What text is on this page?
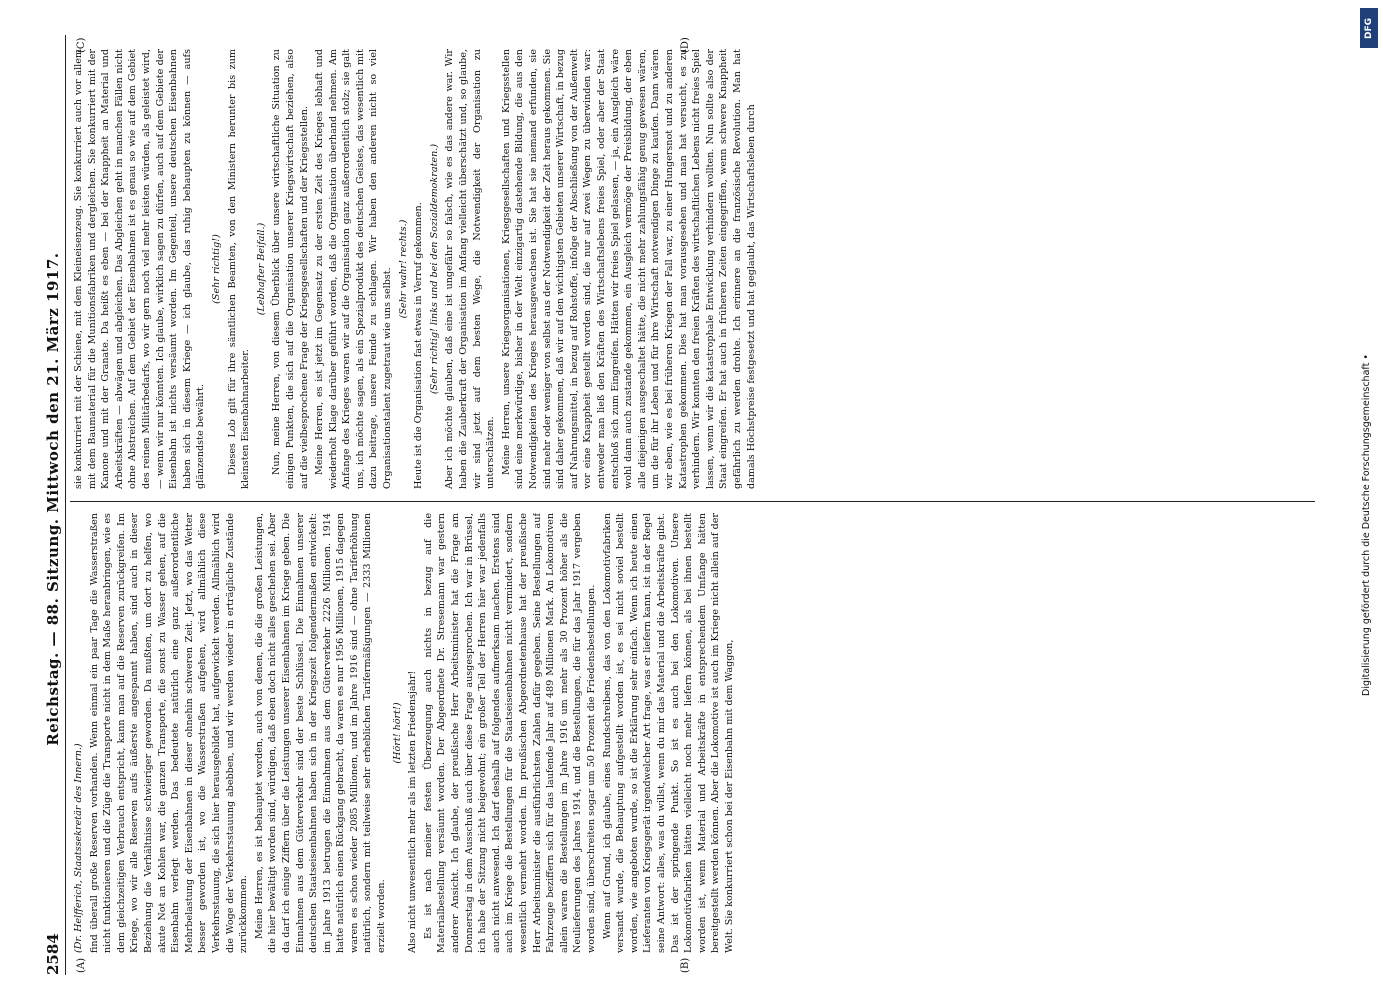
2584
Reichstag. — 88. Sitzung. Mittwoch den 21. März 1917.
(A)	(B)
(C)	(D)

(Dr. Helfferich, Staatssekretär des Innern.) find überall große Reserven vorhanden. Wenn einmal ein paar Tage die Wasserstraßen nicht funktionieren und die Züge die Transporte nicht in dem Maße heranbringen, wie es dem gleichzeitigen Verbrauch entspricht, kann man auf die Reserven zurückgreifen. Im Kriege, wo wir alle Reserven aufs äußerste angespannt haben, sind auch in dieser Beziehung die Verhältnisse schwieriger geworden. Da mußten, um dort zu helfen, wo akute Not an Kohlen war, die ganzen Transporte, die sonst zu Wasser gehen, auf die Eisenbahn verlegt werden. Das bedeutete natürlich eine ganz außerordentliche Mehrbelastung der Eisenbahnen in dieser ohnehin schweren Zeit. Jetzt, wo das Wetter besser geworden ist, wo die Wasserstraßen aufgehen, wird allmählich diese Verkehrsstauung, die sich hier herausgebildet hat, aufgewickelt werden. Allmählich wird die Woge der Verkehrsstauung abebben, und wir werden wieder in erträgliche Zustände zurückkommen. Meine Herren, es ist behauptet worden, auch von denen, die die großen Leistungen, die hier bewältigt worden sind, würdigen, daß eben doch nicht alles geschehen sei. Aber da darf ich einige Ziffern über die Leistungen unserer Eisenbahnen im Kriege geben. Die Einnahmen aus dem Güterverkehr sind der beste Schlüssel. Die Einnahmen unserer deutschen Staatseisenbahnen haben sich in der Kriegszeit folgendermaßen entwickelt: im Jahre 1913 betrugen die Einnahmen aus dem Güterverkehr 2226 Millionen. 1914 hatte natürlich einen Rückgang gebracht, da waren es nur 1956 Millionen, 1915 dagegen waren es schon wieder 2085 Millionen, und im Jahre 1916 sind — ohne Tariferhöhung natürlich, sondern mit teilweise sehr erheblichen Tarifermäßigungen — 2333 Millionen erzielt worden.

(Hört! hört!) Also nicht unwesentlich mehr als im letzten Friedensjahr! Es ist nach meiner festen Überzeugung auch nichts in bezug auf die Materialbestellung versäumt worden. Der Abgeordnete Dr. Stresemann war gestern anderer Ansicht. Ich glaube, der preußische Herr Arbeitsminister hat die Frage am Donnerstag in dem Ausschuß auch über diese Frage ausgesprochen. Ich war in Brüssel, ich habe der Sitzung nicht beigewohnt; ein großer Teil der Herren hier war jedenfalls auch nicht anwesend. Ich darf deshalb auf folgendes aufmerksam machen. Erstens sind auch im Kriege die Bestellungen für die Staatseisenbahnen nicht vermindert, sondern wesentlich vermehrt worden. Im preußischen Abgeordnetenhause hat der preußische Herr Arbeitsminister die ausführlichsten Zahlen dafür gegeben. Seine Bestellungen auf Fahrzeuge beziffern sich für das laufende Jahr auf 489 Millionen Mark. An Lokomotiven allein waren die Bestellungen im Jahre 1916 um mehr als 30 Prozent höher als die Neulieferungen des Jahres 1914, und die Bestellungen, die für das Jahr 1917 vergeben worden sind, überschreiten sogar um 50 Prozent die Friedensbestellungen. Wenn auf Grund, ich glaube, eines Rundschreibens, das von den Lokomotivfabriken versandt wurde, die Behauptung aufgestellt worden ist, es sei nicht soviel bestellt worden, wie angeboten wurde, so ist die Erklärung sehr einfach. Wenn ich heute einen Lieferanten von Kriegsgerät irgendwelcher Art frage, was er liefern kann, ist in der Regel seine Antwort: alles, was du willst, wenn du mir das Material und die Arbeitskräfte gibst. Das ist der springende Punkt. So ist es auch bei den Lokomotiven. Unsere Lokomotivfabriken hätten vielleicht noch mehr liefern können, als bei ihnen bestellt worden ist, wenn Material und Arbeitskräfte in entsprechendem Umfange hätten bereitgestellt werden können. Aber die Lokomotive ist auch im Kriege nicht allein auf der Welt. Sie konkurriert schon bei der Eisenbahn mit dem Waggon,

sie konkurriert mit der Schiene, mit dem Kleineisenzeug. Sie konkurriert auch vor allem mit dem Baumaterial für die Munitionsfabriken und dergleichen. Sie konkurriert mit der Kanone und mit der Granate. Da heißt es eben — bei der Knappheit an Material und Arbeitskräften — abwägen und abgleichen. Das Abgleichen geht in manchen Fällen nicht ohne Abstreichen. Auf dem Gebiet der Eisenbahnen ist es genau so wie auf dem Gebiet des reinen Militärbedarfs, wo wir gern noch viel mehr leisten würden, als geleistet wird, — wenn wir nur könnten. Ich glaube, wirklich sagen zu dürfen, auch auf dem Gebiete der Eisenbahn ist nichts versäumt worden. Im Gegenteil, unsere deutschen Eisenbahnen haben sich in diesem Kriege — ich glaube, das ruhig behaupten zu können — aufs glänzendste bewährt.

(Sehr richtig!) Dieses Lob gilt für ihre sämtlichen Beamten, von den Ministern herunter bis zum kleinsten Eisenbahnarbeiter.

(Lebhafter Beifall.) Nun, meine Herren, von diesem Überblick über unsere wirtschaftliche Situation zu einigen Punkten, die sich auf die Organisation unserer Kriegswirtschaft beziehen, also auf die vielbesprochene Frage der Kriegsgesellschaften und der Kriegsstellen. Meine Herren, es ist jetzt im Gegensatz zu der ersten Zeit des Krieges lebhaft und wiederholt Klage darüber geführt worden, daß die Organisation überhand nehmen. Am Anfange des Krieges waren wir auf die Organisation ganz außerordentlich stolz; sie galt uns, ich möchte sagen, als ein Spezialprodukt des deutschen Geistes, das wesentlich mit dazu beitrage, unsere Feinde zu schlagen. Wir haben den anderen nicht so viel Organisationstalent zugetraut wie uns selbst. (Sehr wahr! rechts.) Heute ist die Organisation fast etwas in Verruf gekommen. (Sehr richtig! links und bei den Sozialdemokraten.) Aber ich möchte glauben, daß eine ist ungefähr so falsch, wie es das andere war. Wir haben die Zauberkraft der Organisation im Anfang vielleicht überschätzt und, so glaube, wir sind jetzt auf dem besten Wege, die Notwendigkeit der Organisation zu unterschätzen. Meine Herren, unsere Kriegsorganisationen, Kriegsgesellschaften und Kriegsstellen sind eine merkwürdige, bisher in der Welt einzigartig dastehende Bildung, die aus den Notwendigkeiten des Krieges herausgewachsen ist. Sie hat sie niemand erfunden, sie sind mehr oder weniger von selbst aus der Notwendigkeit der Zeit heraus gekommen. Sie sind daher gekommen, daß wir auf den wichtigsten Gebieten unserer Wirtschaft, in bezug auf Nahrungsmittel, in bezug auf Rohstoffe, infolge der Abschließung von der Außenwelt vor eine Knappheit gestellt worden sind, die nur auf zwei Wegen zu überwinden war: entweder man ließ den Kräften des Wirtschaftslebens freies Spiel, oder aber der Staat entschloß sich zum Eingreifen. Hätten wir freies Spiel gelassen, — ja, ein Ausgleich wäre wohl dann auch zustande gekommen, ein Ausgleich vermöge der Preisbildung, der eben alle diejenigen ausgeschaltet hätte, die nicht mehr zahlungsfähig genug gewesen wären, um die für ihr Leben und für ihre Wirtschaft notwendigen Dinge zu kaufen. Dann wären wir eben, wie es bei früheren Kriegen der Fall war, zu einer Hungersnot und zu anderen Katastrophen gekommen. Dies hat man vorausgesehen und man hat versucht, es zu verhindern. Wir konnten den freien Kräften des wirtschaftlichen Lebens nicht freies Spiel lassen, wenn wir die katastrophale Entwicklung verhindern wollten. Nun sollte also der Staat eingreifen. Er hat auch in früheren Zeiten eingegriffen, wenn schwere Knappheit gefährlich zu werden drohte. Ich erinnere an die französische Revolution. Man hat damals Höchstpreise festgesetzt und hat geglaubt, das Wirtschaftsleben durch

DFG
Digitalisierung gefördert durch die Deutsche Forschungsgemeinschaft •
